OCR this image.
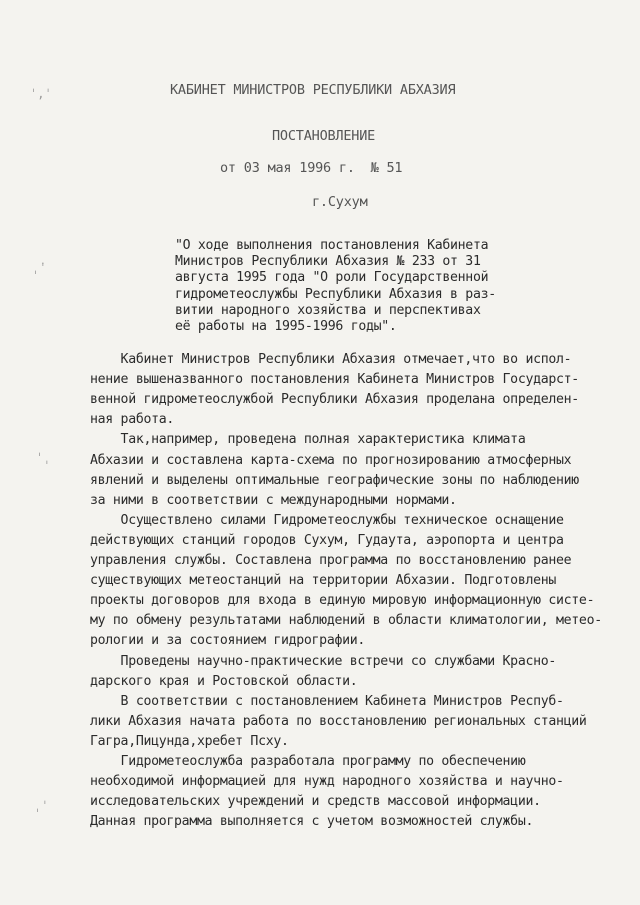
ˈ,ˈ
ˌ̇ˈ
ˈˌ
ˌˈ
КАБИНЕТ МИНИСТРОВ РЕСПУБЛИКИ АБХАЗИЯ
ПОСТАНОВЛЕНИЕ
от 03 мая 1996 г.  № 51
г.Сухум
"О ходе выполнения постановления Кабинета
Министров Республики Абхазия № 233 от 31
августа 1995 года "О роли Государственной
гидрометеослужбы Республики Абхазия в раз-
витии народного хозяйства и перспективах
её работы на 1995-1996 годы".
Кабинет Министров Республики Абхазия отмечает,что во испол-
нение вышеназванного постановления Кабинета Министров Государст-
венной гидрометеослужбой Республики Абхазия проделана определен-
ная работа.
Так,например, проведена полная характеристика климата
Абхазии и составлена карта-схема по прогнозированию атмосферных
явлений и выделены оптимальные географические зоны по наблюдению
за ними в соответствии с международными нормами.
Осуществлено силами Гидрометеослужбы техническое оснащение
действующих станций городов Сухум, Гудаута, аэропорта и центра
управления службы. Составлена программа по восстановлению ранее
существующих метеостанций на территории Абхазии. Подготовлены
проекты договоров для входа в единую мировую информационную систе-
му по обмену результатами наблюдений в области климатологии, метео-
рологии и за состоянием гидрографии.
Проведены научно-практические встречи со службами Красно-
дарского края и Ростовской области.
В соответствии с постановлением Кабинета Министров Респуб-
лики Абхазия начата работа по восстановлению региональных станций
Гагра,Пицунда,хребет Псху.
Гидрометеослужба разработала программу по обеспечению
необходимой информацией для нужд народного хозяйства и научно-
исследовательских учреждений и средств массовой информации.
Данная программа выполняется с учетом возможностей службы.
